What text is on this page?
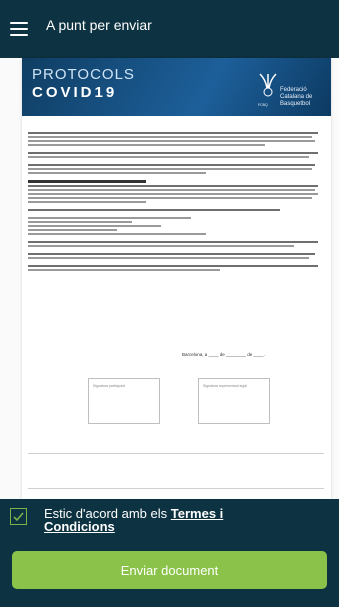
A punt per enviar
PROTOCOLS
COVID19
FCBQ
Federació Catalana de Basquetbol
Barcelona, a ____ de ________ de ____.
Signatura participant	Signatura representant legal
Estic d'acord amb els Termes i Condicions
Enviar document
